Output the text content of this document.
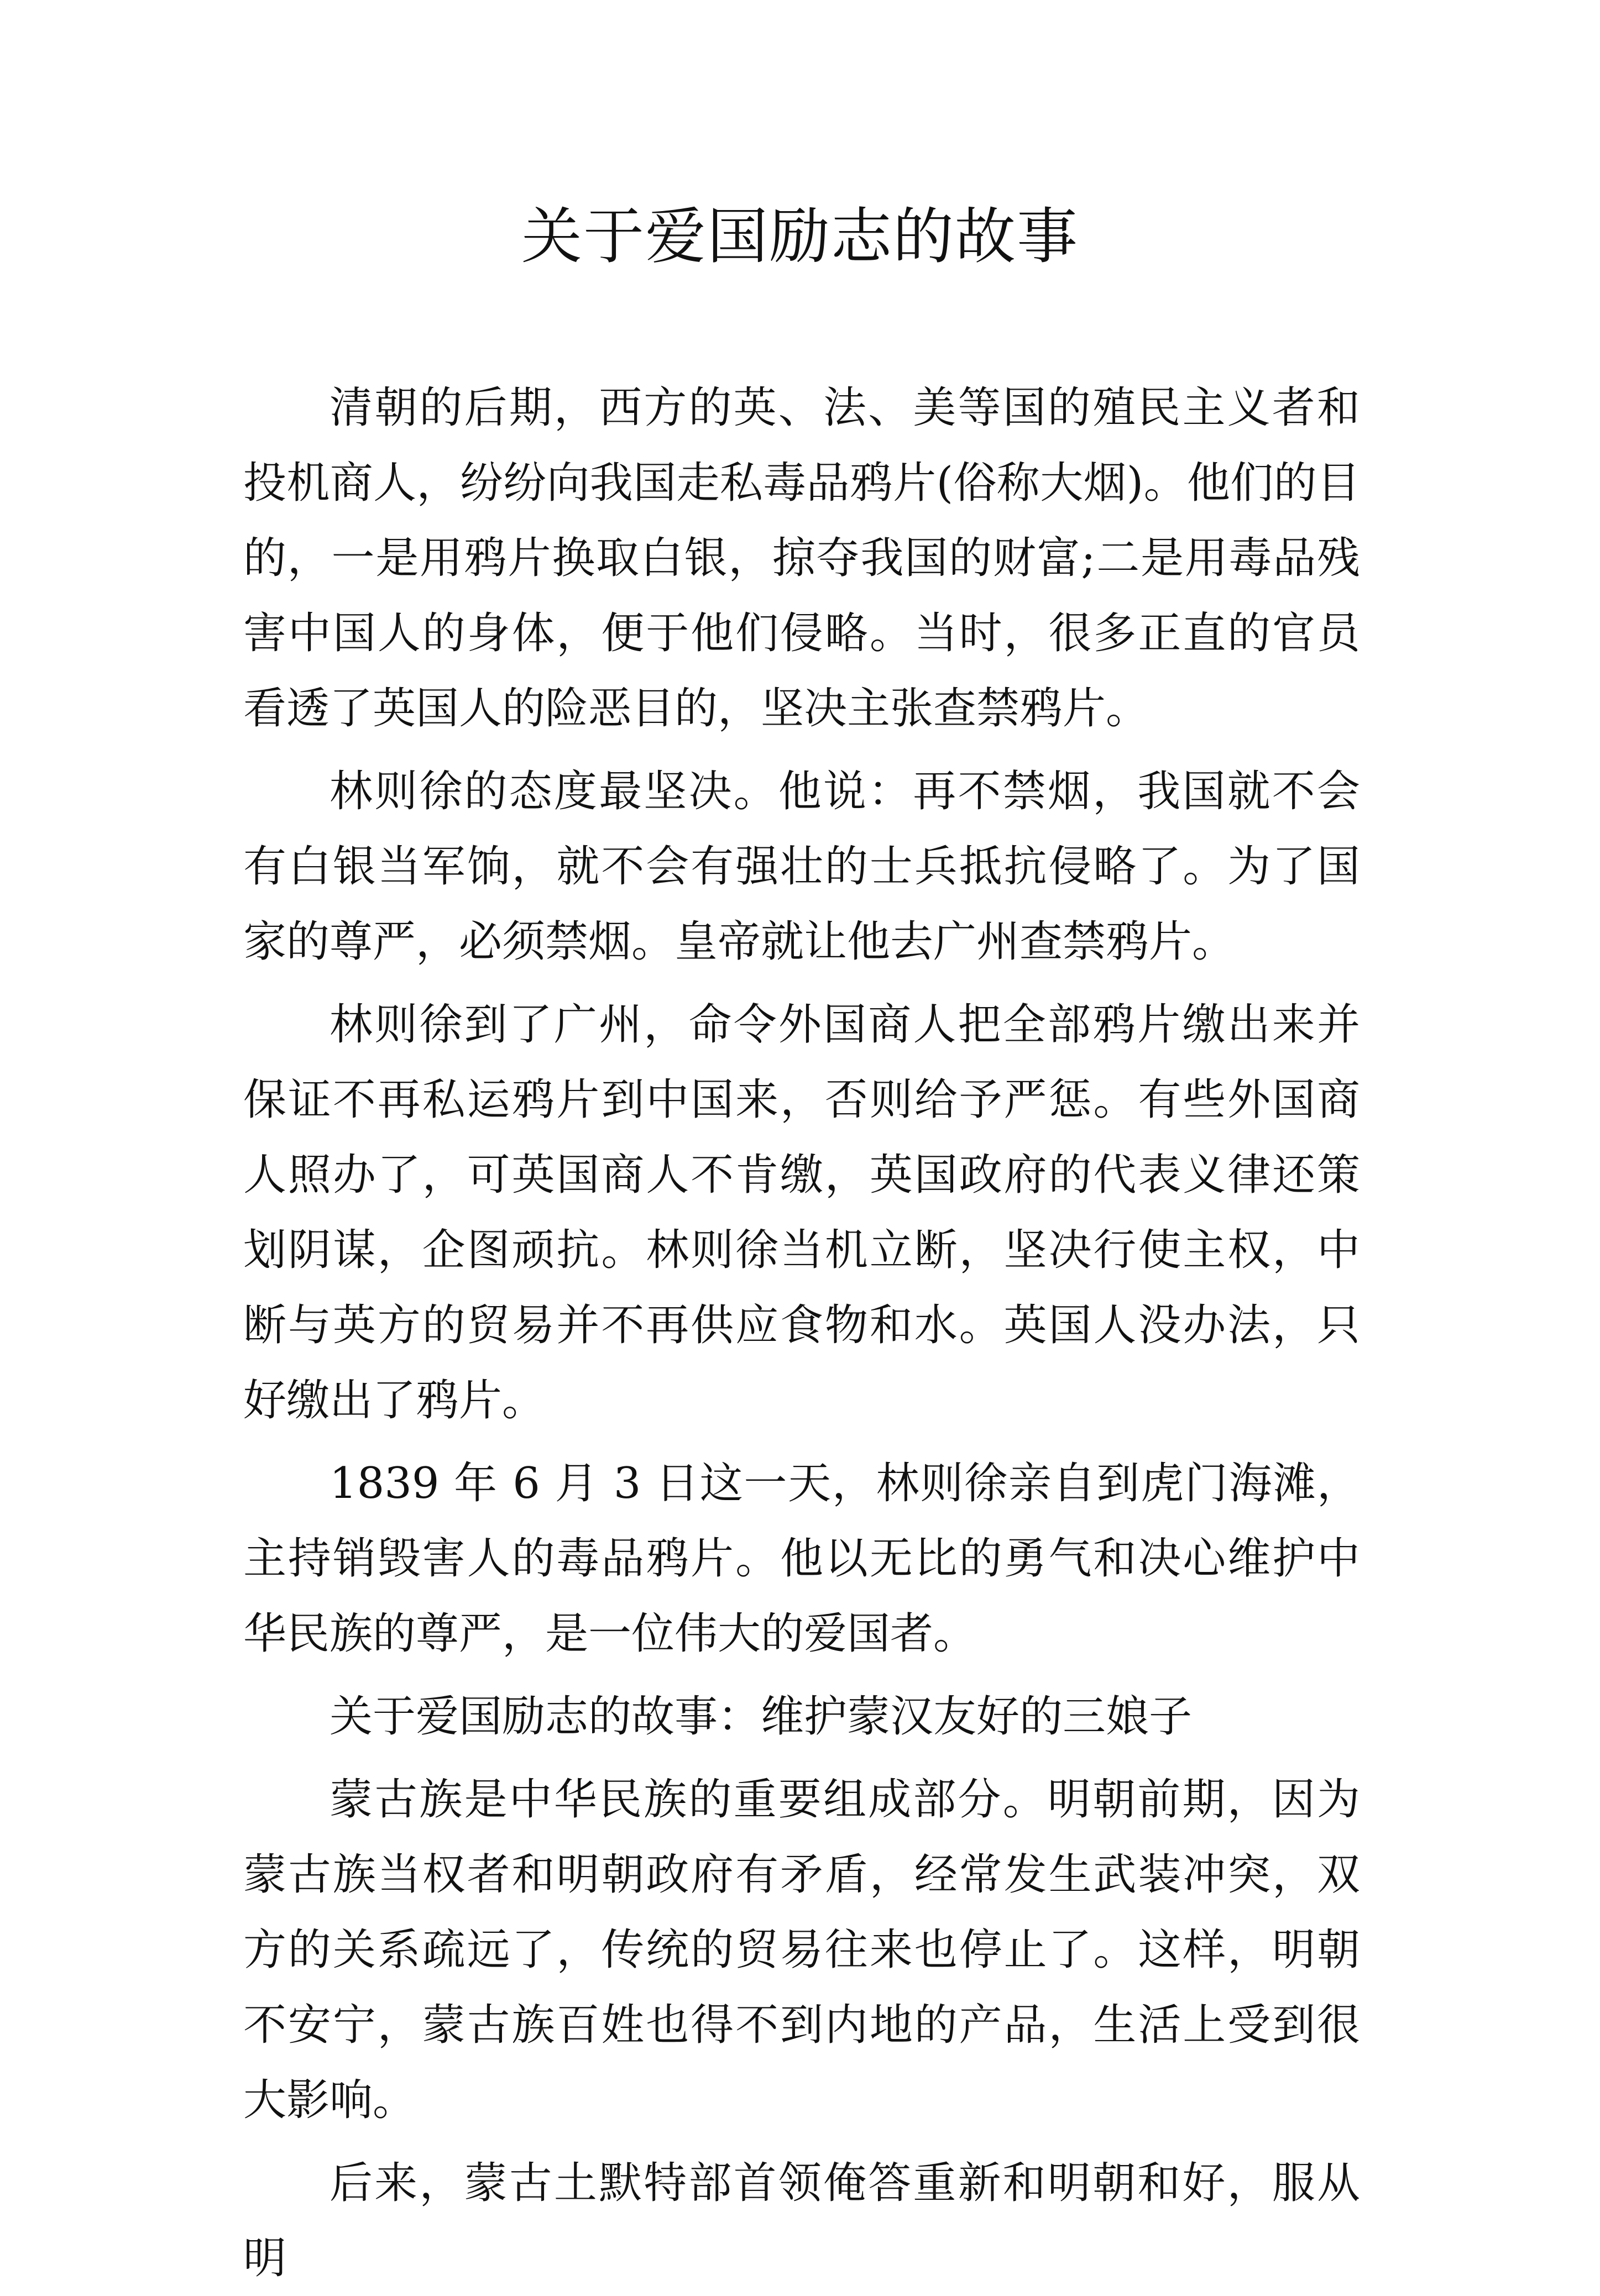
关于爱国励志的故事

清朝的后期，西方的英、法、美等国的殖民主义者和投机商人，纷纷向我国走私毒品鸦片(俗称大烟)。他们的目的，一是用鸦片换取白银，掠夺我国的财富;二是用毒品残害中国人的身体，便于他们侵略。当时，很多正直的官员看透了英国人的险恶目的，坚决主张查禁鸦片。

林则徐的态度最坚决。他说：再不禁烟，我国就不会有白银当军饷，就不会有强壮的士兵抵抗侵略了。为了国家的尊严，必须禁烟。皇帝就让他去广州查禁鸦片。

林则徐到了广州，命令外国商人把全部鸦片缴出来并保证不再私运鸦片到中国来，否则给予严惩。有些外国商人照办了，可英国商人不肯缴，英国政府的代表义律还策划阴谋，企图顽抗。林则徐当机立断，坚决行使主权，中断与英方的贸易并不再供应食物和水。英国人没办法，只好缴出了鸦片。

1839 年 6 月 3 日这一天，林则徐亲自到虎门海滩，主持销毁害人的毒品鸦片。他以无比的勇气和决心维护中华民族的尊严，是一位伟大的爱国者。

关于爱国励志的故事：维护蒙汉友好的三娘子

蒙古族是中华民族的重要组成部分。明朝前期，因为蒙古族当权者和明朝政府有矛盾，经常发生武装冲突，双方的关系疏远了，传统的贸易往来也停止了。这样，明朝不安宁，蒙古族百姓也得不到内地的产品，生活上受到很大影响。

后来，蒙古土默特部首领俺答重新和明朝和好，服从明
